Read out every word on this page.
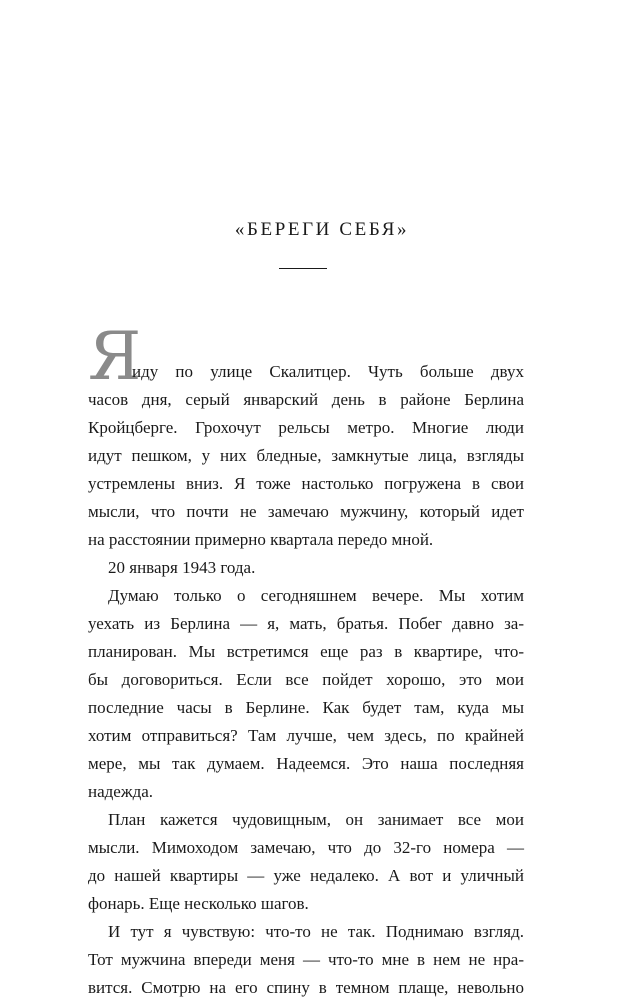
«БЕРЕГИ СЕБЯ»
Я
иду по улице Скалитцер. Чуть больше двух
часов дня, серый январский день в районе Берлина
Кройцберге. Грохочут рельсы метро. Многие люди
идут пешком, у них бледные, замкнутые лица, взгляды
устремлены вниз. Я тоже настолько погружена в свои
мысли, что почти не замечаю мужчину, который идет
на расстоянии примерно квартала передо мной.
20 января 1943 года.
Думаю только о сегодняшнем вечере. Мы хотим
уехать из Берлина — я, мать, братья. Побег давно за-
планирован. Мы встретимся еще раз в квартире, что-
бы договориться. Если все пойдет хорошо, это мои
последние часы в Берлине. Как будет там, куда мы
хотим отправиться? Там лучше, чем здесь, по крайней
мере, мы так думаем. Надеемся. Это наша последняя
надежда.
План кажется чудовищным, он занимает все мои
мысли. Мимоходом замечаю, что до 32-го номера —
до нашей квартиры — уже недалеко. А вот и уличный
фонарь. Еще несколько шагов.
И тут я чувствую: что-то не так. Поднимаю взгляд.
Тот мужчина впереди меня — что-то мне в нем не нра-
вится. Смотрю на его спину в темном плаще, невольно
